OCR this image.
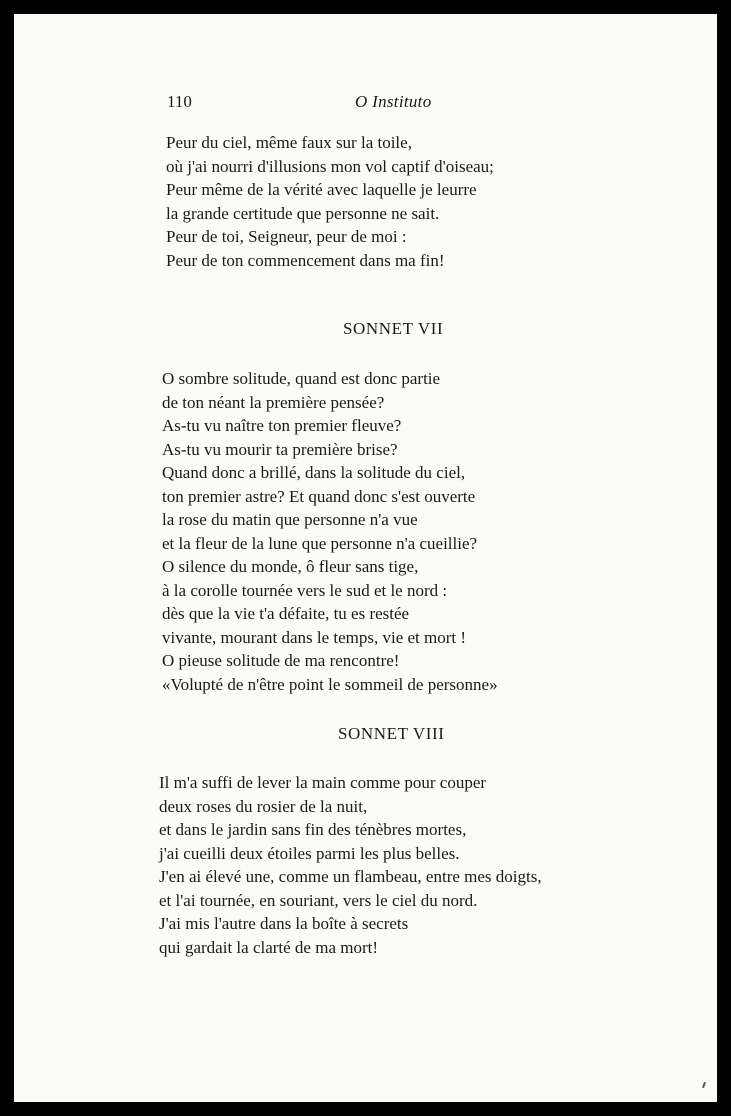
110	O Instituto
Peur du ciel, même faux sur la toile,
où j'ai nourri d'illusions mon vol captif d'oiseau;
Peur même de la vérité avec laquelle je leurre
la grande certitude que personne ne sait.
Peur de toi, Seigneur, peur de moi :
Peur de ton commencement dans ma fin!
SONNET VII
O sombre solitude, quand est donc partie
de ton néant la première pensée?
As-tu vu naître ton premier fleuve?
As-tu vu mourir ta première brise?
Quand donc a brillé, dans la solitude du ciel,
ton premier astre? Et quand donc s'est ouverte
la rose du matin que personne n'a vue
et la fleur de la lune que personne n'a cueillie?
O silence du monde, ô fleur sans tige,
à la corolle tournée vers le sud et le nord :
dès que la vie t'a défaite, tu es restée
vivante, mourant dans le temps, vie et mort !
O pieuse solitude de ma rencontre!
«Volupté de n'être point le sommeil de personne»
SONNET VIII
Il m'a suffi de lever la main comme pour couper
deux roses du rosier de la nuit,
et dans le jardin sans fin des ténèbres mortes,
j'ai cueilli deux étoiles parmi les plus belles.
J'en ai élevé une, comme un flambeau, entre mes doigts,
et l'ai tournée, en souriant, vers le ciel du nord.
J'ai mis l'autre dans la boîte à secrets
qui gardait la clarté de ma mort!
